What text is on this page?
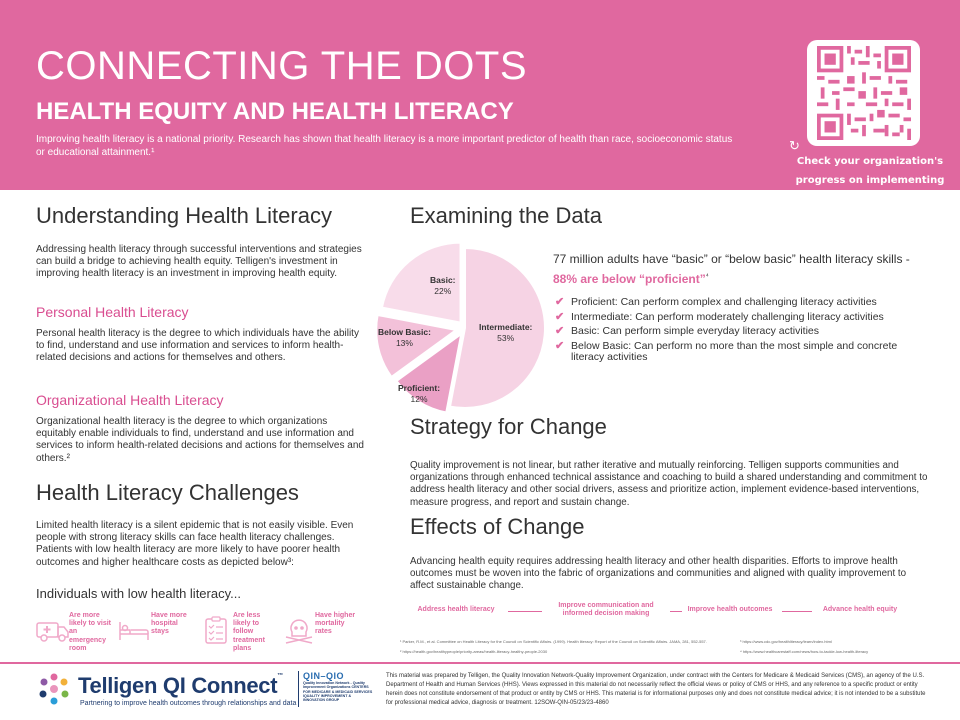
CONNECTING THE DOTS
HEALTH EQUITY AND HEALTH LITERACY
Improving health literacy is a national priority. Research has shown that health literacy is a more important predictor of health than race, socioeconomic status or educational attainment.¹	↻
Check your organization's progress on implementing CLAS Standards
Understanding Health Literacy
Addressing health literacy through successful interventions and strategies can build a bridge to achieving health equity. Telligen's investment in improving health literacy is an investment in improving health equity.
Personal Health Literacy
Personal health literacy is the degree to which individuals have the ability to find, understand and use information and services to inform health-related decisions and actions for themselves and others.
Organizational Health Literacy
Organizational health literacy is the degree to which organizations equitably enable individuals to find, understand and use information and services to inform health-related decisions and actions for themselves and others.²
Health Literacy Challenges
Limited health literacy is a silent epidemic that is not easily visible. Even people with strong literacy skills can face health literacy challenges. Patients with low health literacy are more likely to have poorer health outcomes and higher healthcare costs as depicted below³:
Individuals with low health literacy...
Are more likely to visit an emergency room
Have more hospital stays
Are less likely to follow treatment plans
Have higher mortality rates
Examining the Data
Basic:
22%
Intermediate:
53%
Below Basic:
13%
Proficient:
12%
77 million adults have “basic” or “below basic” health literacy skills - 88% are below “proficient”$^{^4}$
✔ Proficient: Can perform complex and challenging literacy activities
✔ Intermediate: Can perform moderately challenging literacy activities
✔ Basic: Can perform simple everyday literacy activities
✔ Below Basic: Can perform no more than the most simple and concrete literacy activities
Strategy for Change
Quality improvement is not linear, but rather iterative and mutually reinforcing. Telligen supports communities and organizations through enhanced technical assistance and coaching to build a shared understanding and commitment to address health literacy and other social drivers, assess and prioritize action, implement evidence-based interventions, measure progress, and report and sustain change.
Effects of Change
Advancing health equity requires addressing health literacy and other health disparities. Efforts to improve health outcomes must be woven into the fabric of organizations and communities and aligned with quality improvement to affect sustainable change.
Address health literacy
Improve communication and informed decision making
Improve health outcomes	Advance health equity
¹ Parker, R.M., et al. Committee on Health Literacy for the Council on Scientific Affairs. (1999). Health literacy: Report of the Council on Scientific Affairs. JAMA, 281, 552-557.
² https://health.gov/healthypeople/priority-areas/health-literacy-healthy-people-2030
³ https://www.cdc.gov/healthliteracy/learn/index.html
⁴ https://www.healthcarestaff.com/news/how-to-tackle-low-health-literacy
Telligen QI Connect™
Partnering to improve health outcomes through relationships and data
QIN–QIO
Quality Innovation Network - Quality Improvement Organizations CENTERS FOR MEDICARE & MEDICAID SERVICES IQUALITY IMPROVEMENT & INNOVATION GROUP
This material was prepared by Telligen, the Quality Innovation Network-Quality Improvement Organization, under contract with the Centers for Medicare & Medicaid Services (CMS), an agency of the U.S. Department of Health and Human Services (HHS). Views expressed in this material do not necessarily reflect the official views or policy of CMS or HHS, and any reference to a specific product or entity herein does not constitute endorsement of that product or entity by CMS or HHS. This material is for informational purposes only and does not constitute medical advice; it is not intended to be a substitute for professional medical advice, diagnosis or treatment. 12SOW-QIN-05/23/23-4860
